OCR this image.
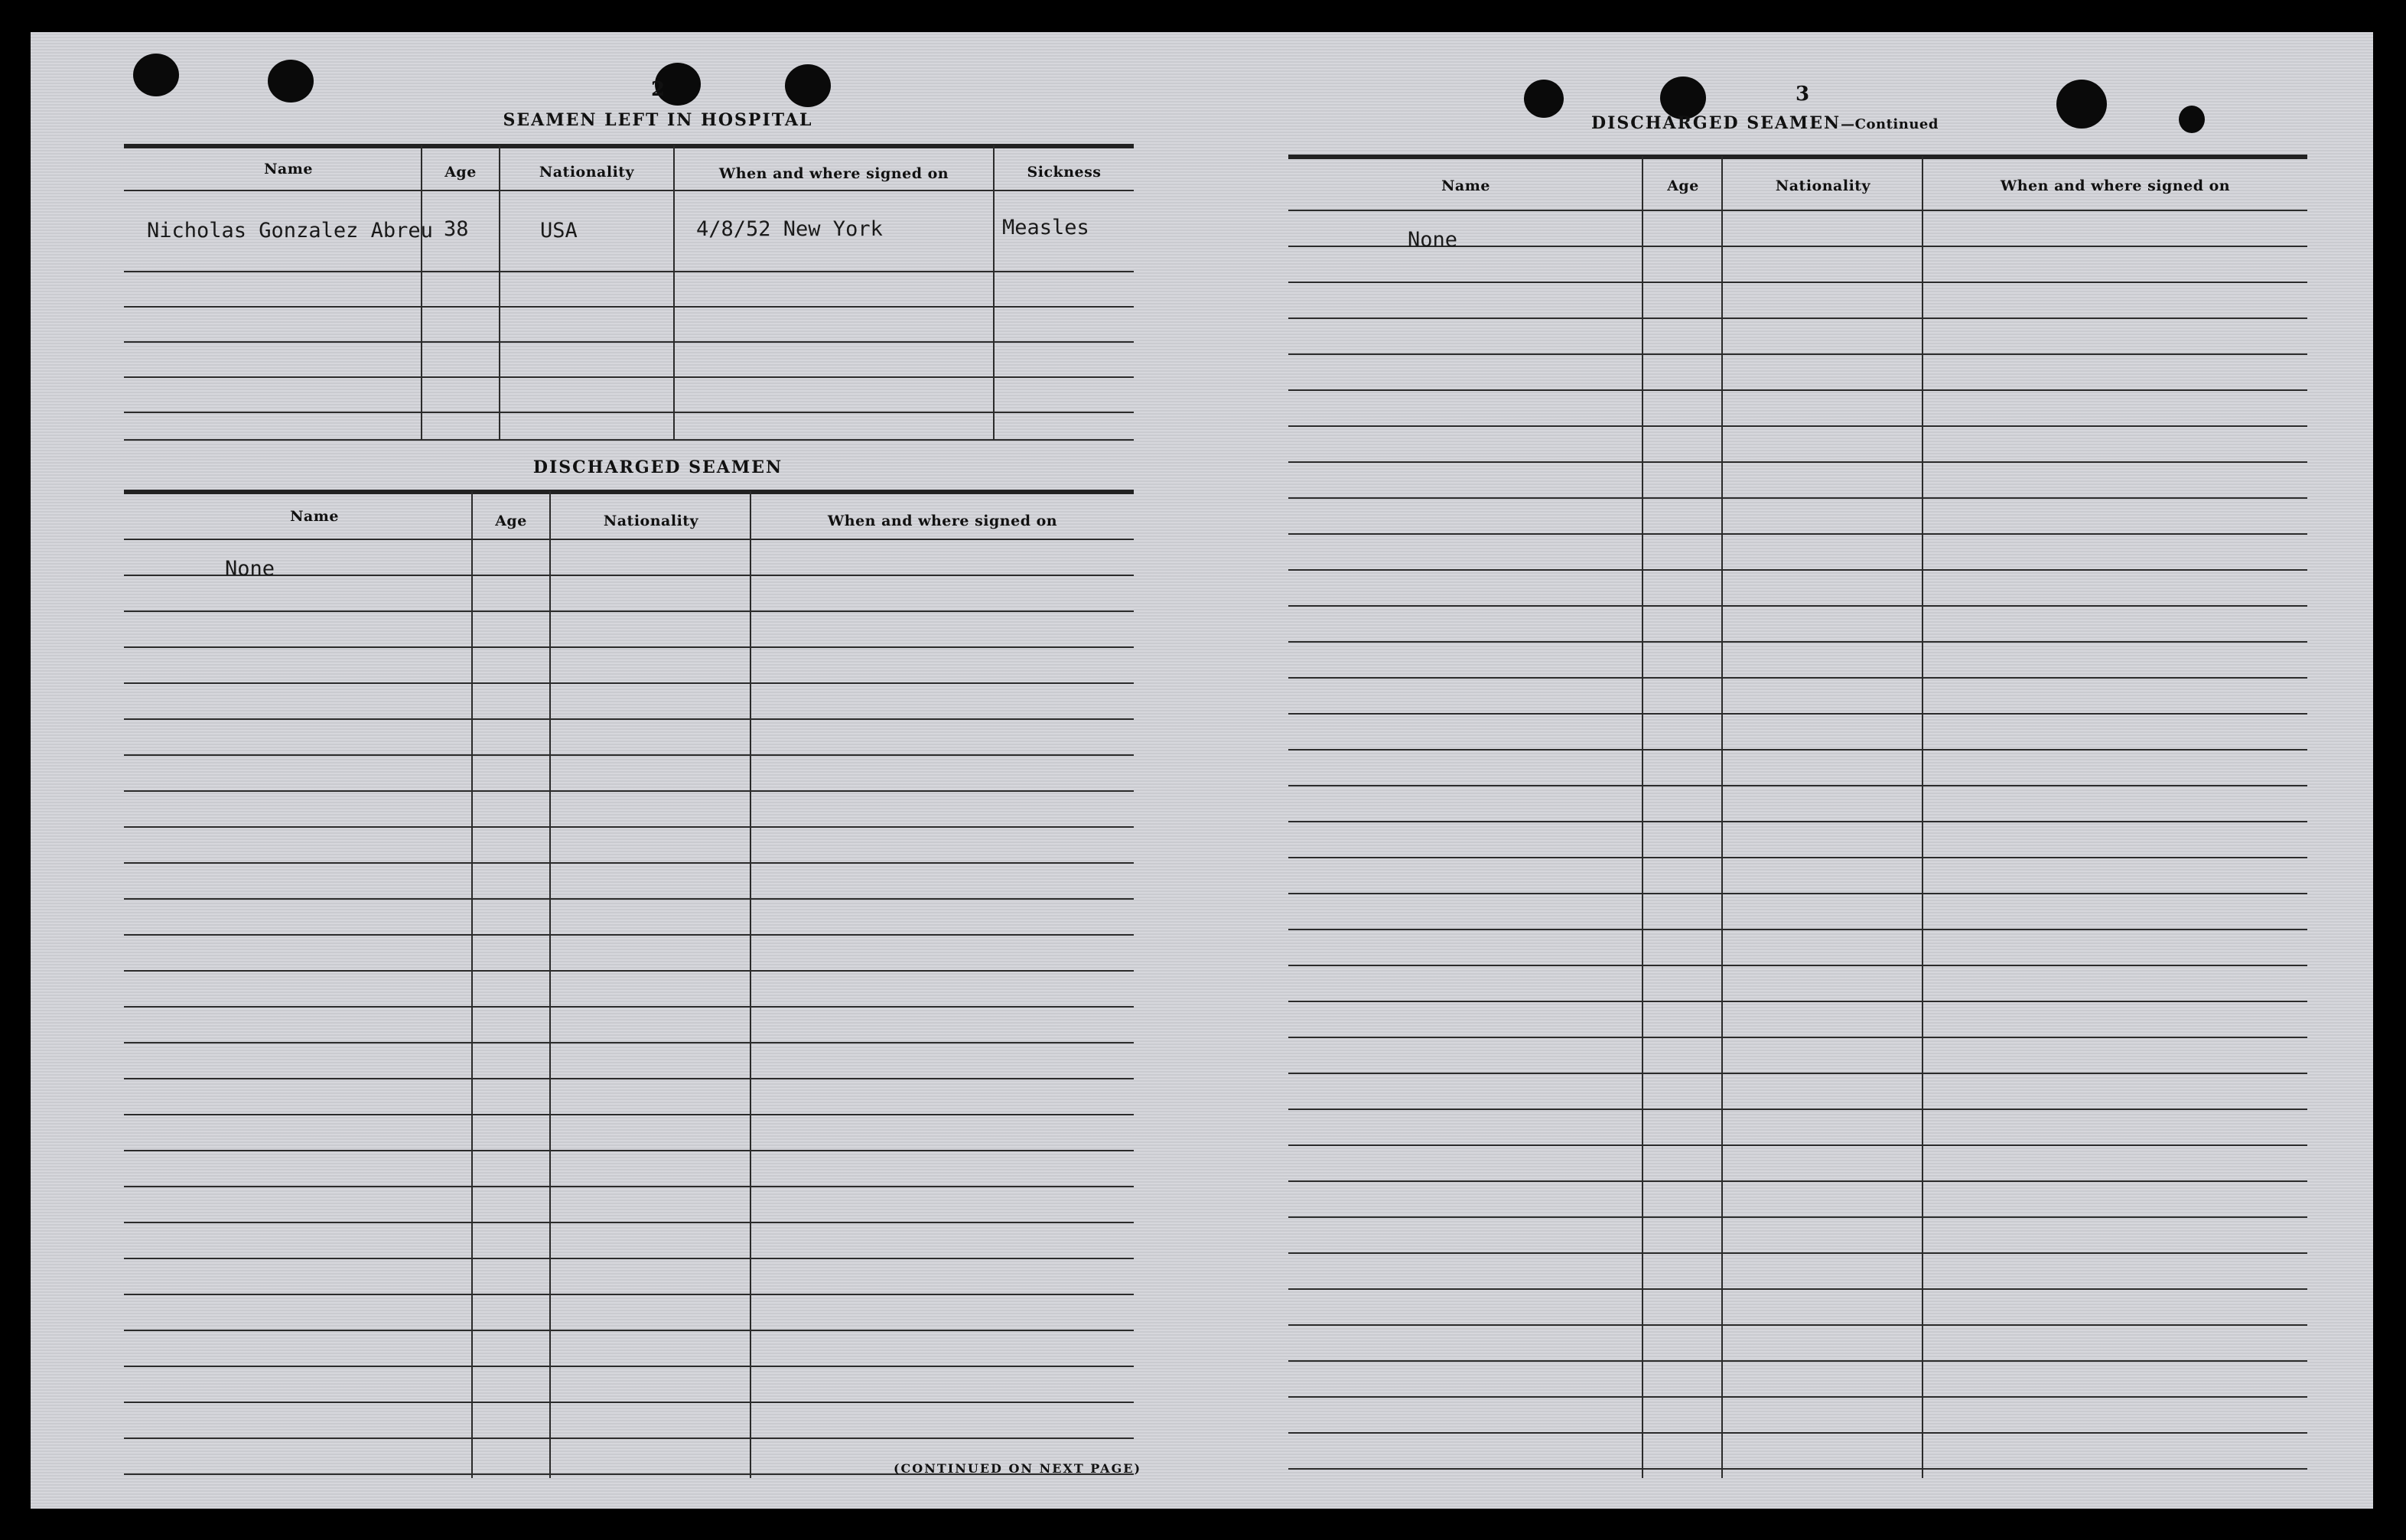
2
SEAMEN LEFT IN HOSPITAL
Name	Age	Nationality	When and where signed on	Sickness
Nicholas Gonzalez Abreu 38	USA	4/8/52 New York	Measles
DISCHARGED SEAMEN
Name	Age	Nationality	When and where signed on
None
(CONTINUED ON NEXT PAGE)
3
DISCHARGED SEAMEN—Continued
Name	Age	Nationality	When and where signed on
None
